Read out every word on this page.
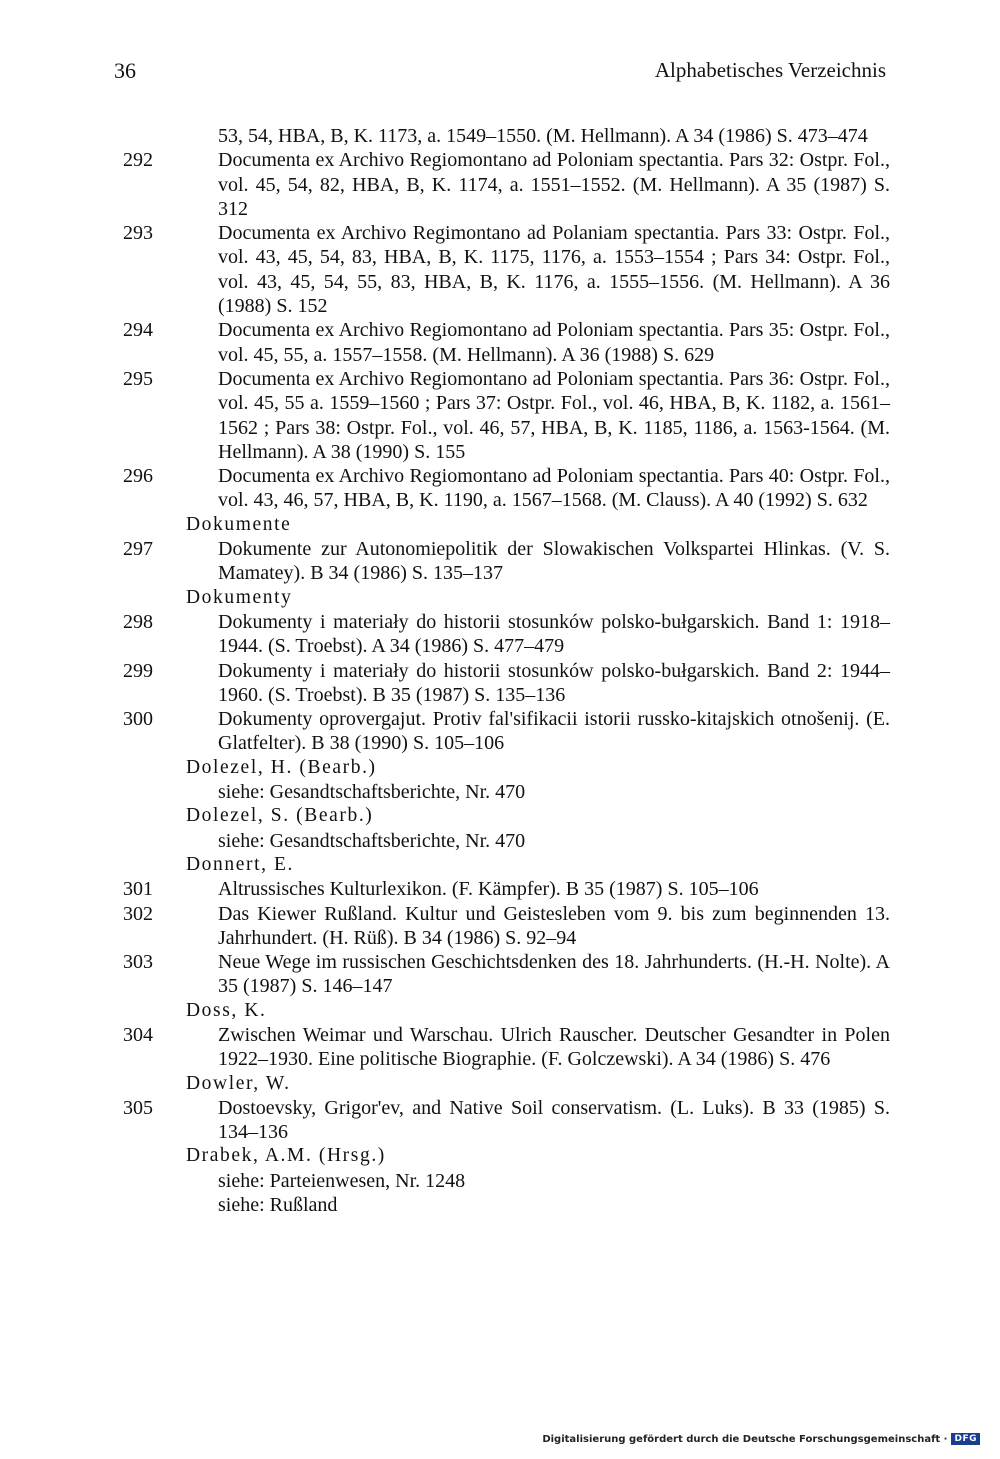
36	Alphabetisches Verzeichnis
53, 54, HBA, B, K. 1173, a. 1549–1550. (M. Hellmann). A 34 (1986) S. 473–474
292	Documenta ex Archivo Regiomontano ad Poloniam spectantia. Pars 32: Ostpr. Fol., vol. 45, 54, 82, HBA, B, K. 1174, a. 1551–1552. (M. Hellmann). A 35 (1987) S. 312
293	Documenta ex Archivo Regimontano ad Polaniam spectantia. Pars 33: Ostpr. Fol., vol. 43, 45, 54, 83, HBA, B, K. 1175, 1176, a. 1553–1554 ; Pars 34: Ostpr. Fol., vol. 43, 45, 54, 55, 83, HBA, B, K. 1176, a. 1555–1556. (M. Hellmann). A 36 (1988) S. 152
294	Documenta ex Archivo Regiomontano ad Poloniam spectantia. Pars 35: Ostpr. Fol., vol. 45, 55, a. 1557–1558. (M. Hellmann). A 36 (1988) S. 629
295	Documenta ex Archivo Regiomontano ad Poloniam spectantia. Pars 36: Ostpr. Fol., vol. 45, 55 a. 1559–1560 ; Pars 37: Ostpr. Fol., vol. 46, HBA, B, K. 1182, a. 1561–1562 ; Pars 38: Ostpr. Fol., vol. 46, 57, HBA, B, K. 1185, 1186, a. 1563-1564. (M. Hellmann). A 38 (1990) S. 155
296	Documenta ex Archivo Regiomontano ad Poloniam spectantia. Pars 40: Ostpr. Fol., vol. 43, 46, 57, HBA, B, K. 1190, a. 1567–1568. (M. Clauss). A 40 (1992) S. 632
Dokumente
297	Dokumente zur Autonomiepolitik der Slowakischen Volkspartei Hlinkas. (V. S. Mamatey). B 34 (1986) S. 135–137
Dokumenty
298	Dokumenty i materiały do historii stosunków polsko-bułgarskich. Band 1: 1918–1944. (S. Troebst). A 34 (1986) S. 477–479
299	Dokumenty i materiały do historii stosunków polsko-bułgarskich. Band 2: 1944–1960. (S. Troebst). B 35 (1987) S. 135–136
300	Dokumenty oprovergajut. Protiv fal'sifikacii istorii russko-kitajskich otnošenij. (E. Glatfelter). B 38 (1990) S. 105–106
Dolezel, H. (Bearb.)
siehe: Gesandtschaftsberichte, Nr. 470
Dolezel, S. (Bearb.)
siehe: Gesandtschaftsberichte, Nr. 470
Donnert, E.
301	Altrussisches Kulturlexikon. (F. Kämpfer). B 35 (1987) S. 105–106
302	Das Kiewer Rußland. Kultur und Geistesleben vom 9. bis zum beginnenden 13. Jahrhundert. (H. Rüß). B 34 (1986) S. 92–94
303	Neue Wege im russischen Geschichtsdenken des 18. Jahrhunderts. (H.-H. Nolte). A 35 (1987) S. 146–147
Doss, K.
304	Zwischen Weimar und Warschau. Ulrich Rauscher. Deutscher Gesandter in Polen 1922–1930. Eine politische Biographie. (F. Golczewski). A 34 (1986) S. 476
Dowler, W.
305	Dostoevsky, Grigor'ev, and Native Soil conservatism. (L. Luks). B 33 (1985) S. 134–136
Drabek, A.M. (Hrsg.)
siehe: Parteienwesen, Nr. 1248
siehe: Rußland
Digitalisierung gefördert durch die Deutsche Forschungsgemeinschaft · DFG
